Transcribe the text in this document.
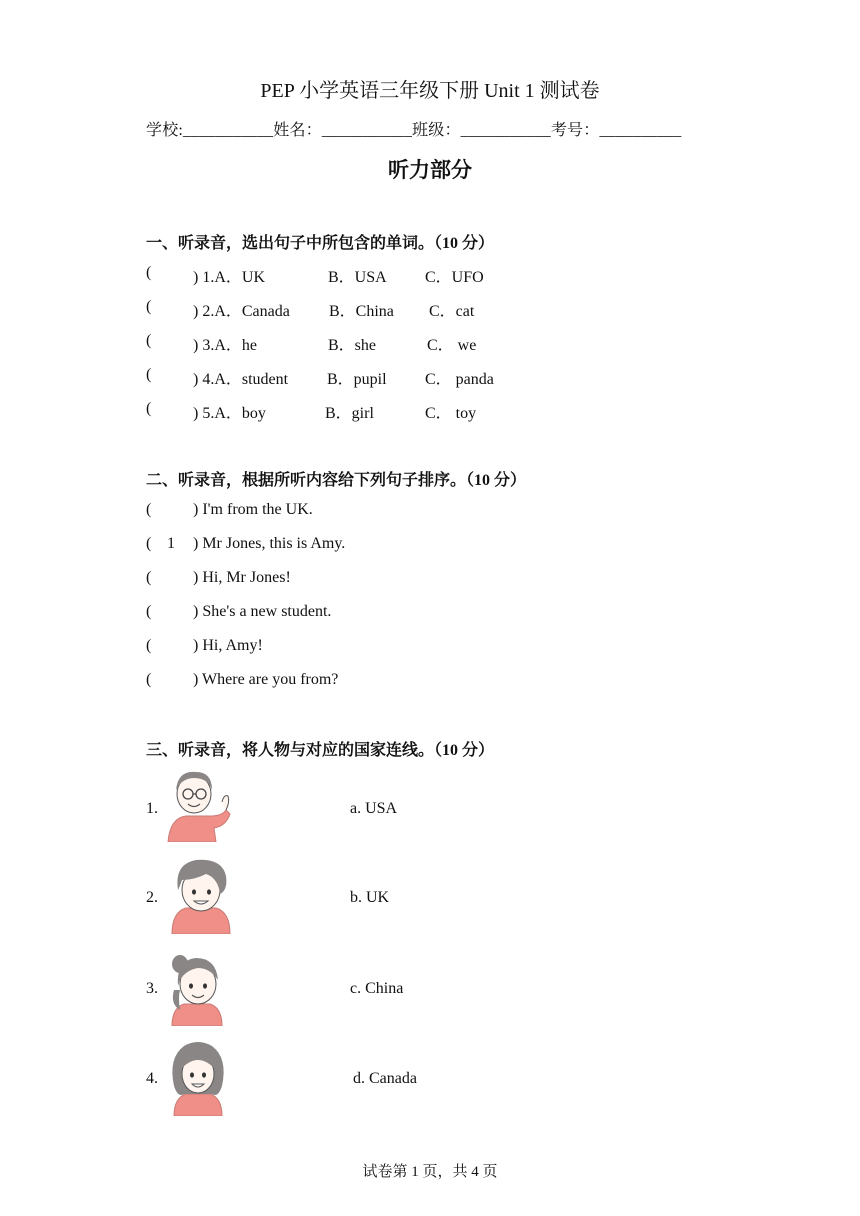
PEP 小学英语三年级下册 Unit 1 测试卷
学校:___________姓名：___________班级：___________考号：__________
听力部分
一、听录音，选出句子中所包含的单词。（10 分）
(	) 1.A．UK	B．USA C．UFO
(	) 2.A．Canada B．China C．cat
(	) 3.A．he	B．she	C． we
(	) 4.A．student B．pupil C． panda
(	) 5.A．boy	B．girl	C． toy
二、听录音，根据所听内容给下列句子排序。（10 分）
(	) I'm from the UK.
( 1 ) Mr Jones, this is Amy.
(	) Hi, Mr Jones!
(	) She's a new student.
(	) Hi, Amy!
(	) Where are you from?
三、听录音，将人物与对应的国家连线。（10 分）
1.	a. USA
2.	b. UK
3.	c. China
4.	d. Canada
试卷第 1 页，共 4 页
